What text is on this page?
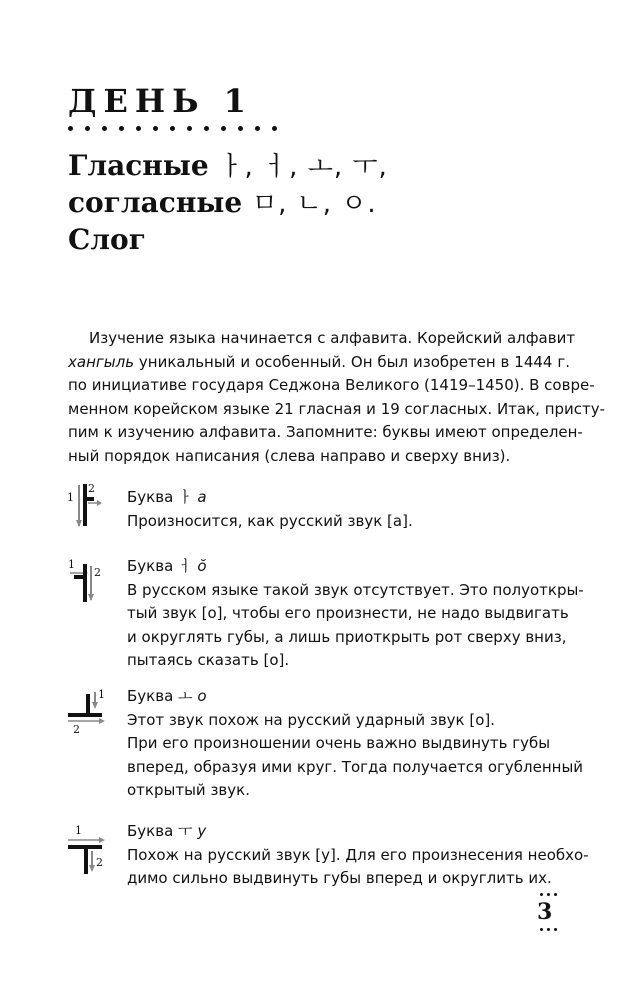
ДЕНЬ 1
Гласные ㅏ, ㅓ, ㅗ, ㅜ,
согласные ㅁ, ㄴ, ㅇ.
Слог

Изучение языка начинается с алфавита. Корейский алфавит
хангыль уникальный и особенный. Он был изобретен в 1444 г.
по инициативе государя Седжона Великого (1419–1450). В совре-
менном корейском языке 21 гласная и 19 согласных. Итак, присту-
пим к изучению алфавита. Запомните: буквы имеют определен-
ный порядок написания (слева направо и сверху вниз).

1
2 Буква ㅏ а
Произносится, как русский звук [а].
1
2 Буква ㅓ ŏ
В русском языке такой звук отсутствует. Это полуоткры-
тый звук [о], чтобы его произнести, не надо выдвигать
и округлять губы, а лишь приоткрыть рот сверху вниз,
пытаясь сказать [о].
1
2
Буква ㅗ о
Этот звук похож на русский ударный звук [о].
При его произношении очень важно выдвинуть губы
вперед, образуя ими круг. Тогда получается огубленный
открытый звук.
1
2
Буква ㅜ у
Похож на русский звук [у]. Для его произнесения необхо-
димо сильно выдвинуть губы вперед и округлить их.
3
